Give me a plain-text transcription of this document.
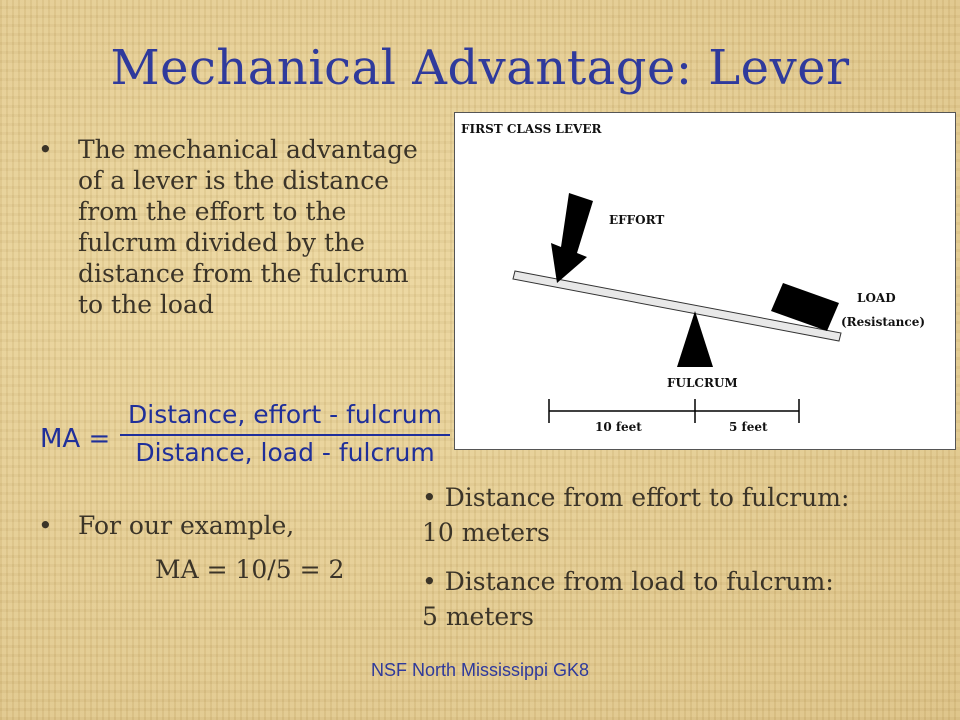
Mechanical Advantage: Lever
• The mechanical advantage of a lever is the distance from the effort to the fulcrum divided by the distance from the fulcrum to the load
FIRST CLASS LEVER
EFFORT
LOAD
(Resistance)
FULCRUM
10 feet	5 feet
MA =
Distance, effort - fulcrum
Distance, load - fulcrum
• For our example,
MA = 10/5 = 2
• Distance from effort to fulcrum:
10 meters
• Distance from load to fulcrum:
5 meters
NSF North Mississippi GK8
